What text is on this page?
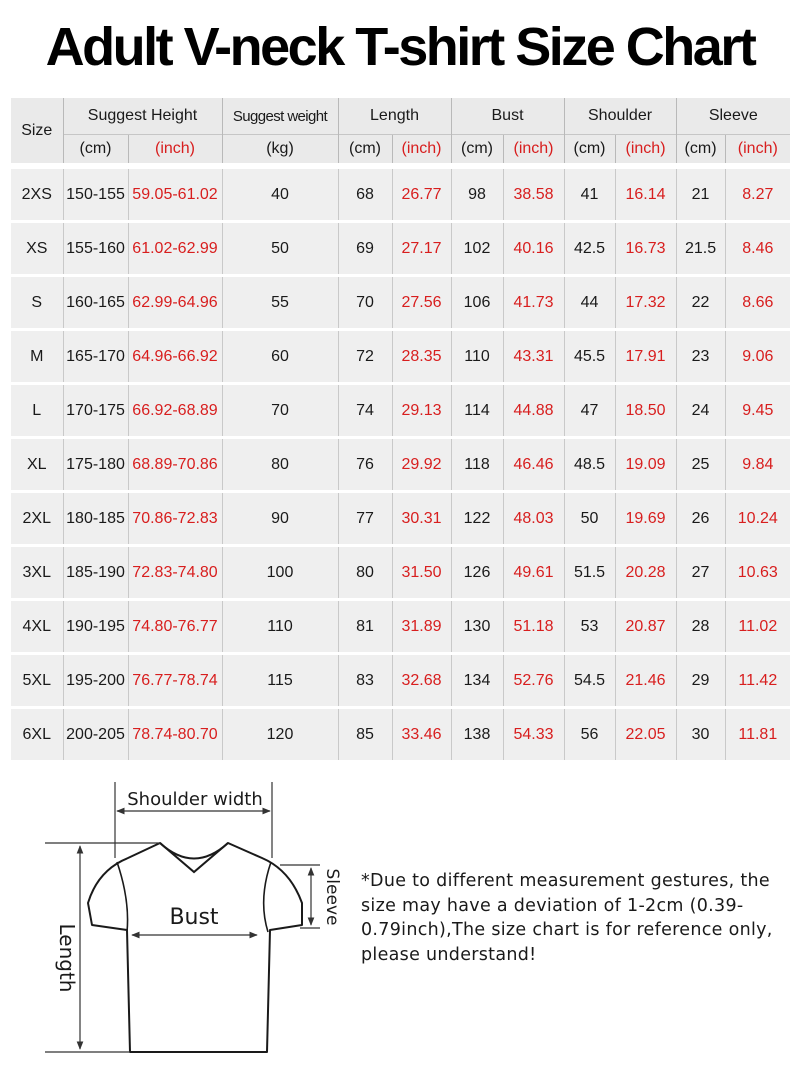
Adult V-neck T-shirt Size Chart
Size	Suggest Height		Suggest weight	Length		Bust		Shoulder		Sleeve	
	(cm)	(inch)	(kg)	(cm)	(inch)	(cm)	(inch)	(cm)	(inch)	(cm)	(inch)

2XS	150-155	59.05-61.02	40	68	26.77	98	38.58	41	16.14	21	8.27
XS	155-160	61.02-62.99	50	69	27.17	102	40.16	42.5	16.73	21.5	8.46
S	160-165	62.99-64.96	55	70	27.56	106	41.73	44	17.32	22	8.66
M	165-170	64.96-66.92	60	72	28.35	110	43.31	45.5	17.91	23	9.06
L	170-175	66.92-68.89	70	74	29.13	114	44.88	47	18.50	24	9.45
XL	175-180	68.89-70.86	80	76	29.92	118	46.46	48.5	19.09	25	9.84
2XL	180-185	70.86-72.83	90	77	30.31	122	48.03	50	19.69	26	10.24
3XL	185-190	72.83-74.80	100	80	31.50	126	49.61	51.5	20.28	27	10.63
4XL	190-195	74.80-76.77	110	81	31.89	130	51.18	53	20.87	28	11.02
5XL	195-200	76.77-78.74	115	83	32.68	134	52.76	54.5	21.46	29	11.42
6XL	200-205	78.74-80.70	120	85	33.46	138	54.33	56	22.05	30	11.81
Shoulder width
Length
Bust	Sleeve *Due to different measurement gestures, the size may have a deviation of 1-2cm (0.39-0.79inch),The size chart is for reference only, please understand!
